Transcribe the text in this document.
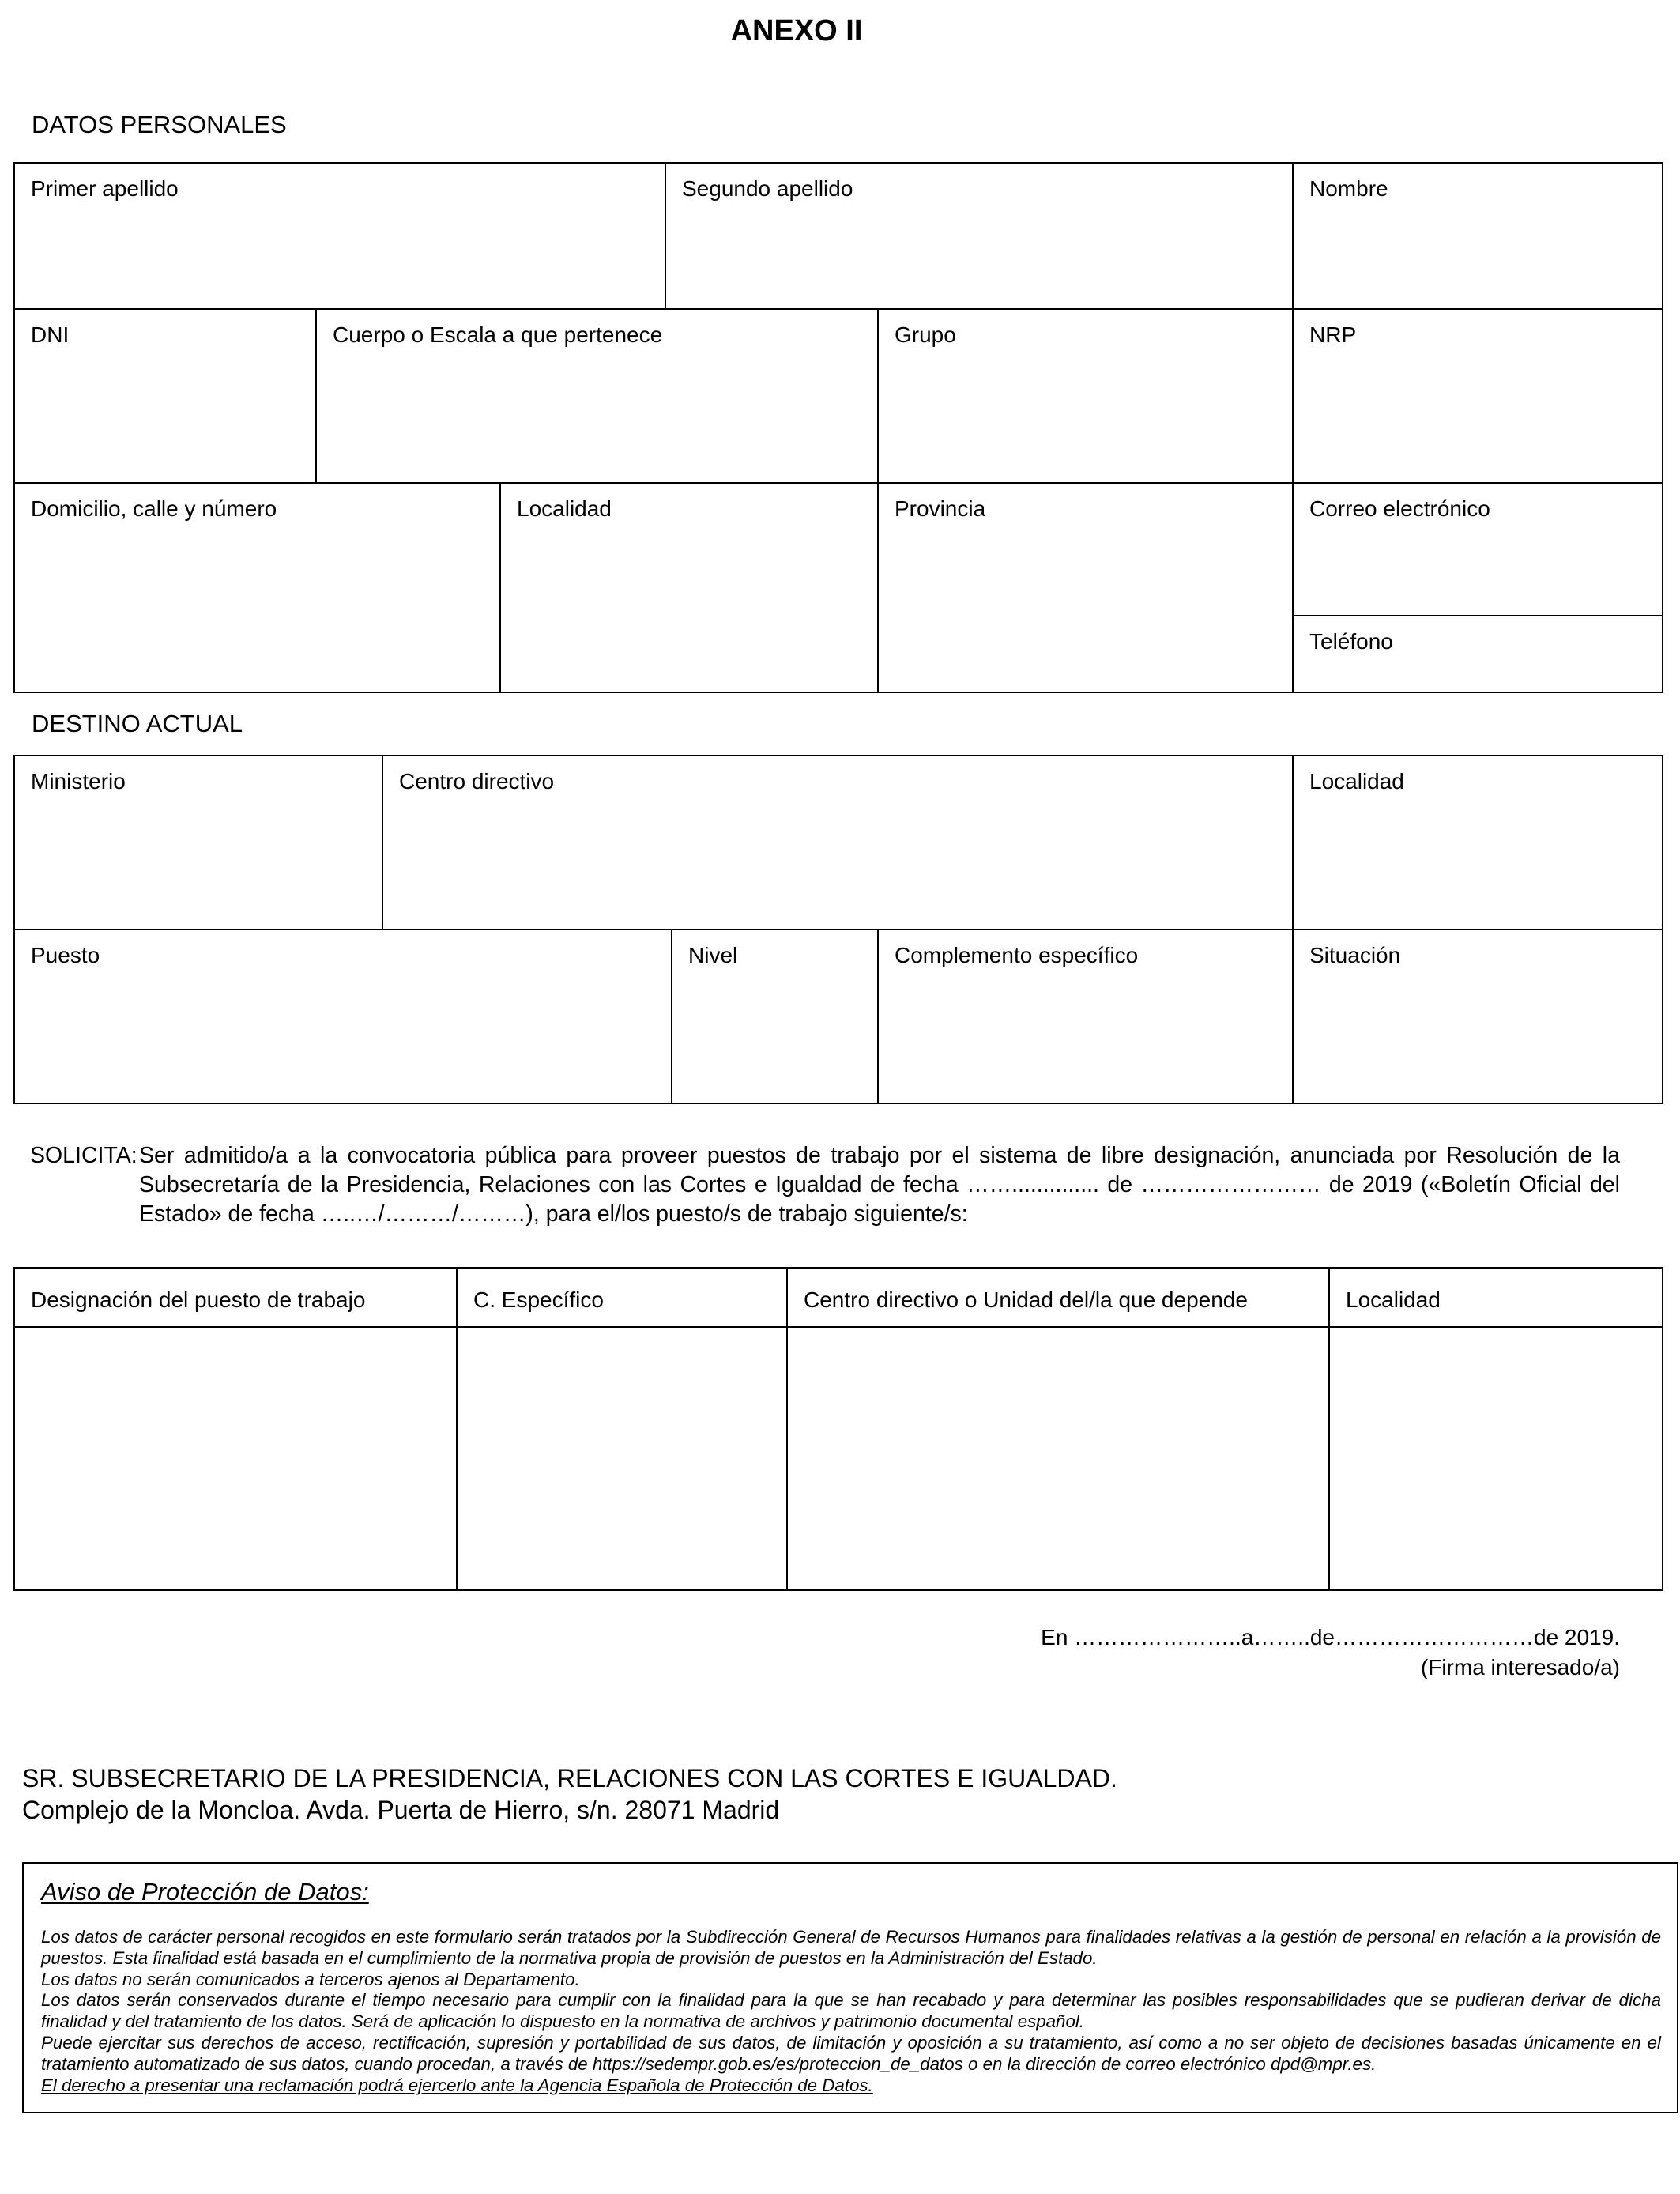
ANEXO II
DATOS PERSONALES
Primer apellido	Segundo apellido	Nombre
DNI	Cuerpo o Escala a que pertenece	Grupo	NRP
Domicilio, calle y número	Localidad	Provincia	Correo electrónico
Teléfono
DESTINO ACTUAL
Ministerio	Centro directivo	Localidad
Puesto	Nivel	Complemento específico	Situación
SOLICITA: Ser admitido/a a la convocatoria pública para proveer puestos de trabajo por el sistema de libre designación, anunciada por Resolución de la Subsecretaría de la Presidencia, Relaciones con las Cortes e Igualdad de fecha …….............. de …………………… de 2019 («Boletín Oficial del Estado» de fecha …..…/………/………), para el/los puesto/s de trabajo siguiente/s:
Designación del puesto de trabajo	C. Específico	Centro directivo o Unidad del/la que depende	Localidad
En …………………..a……..de………………………de 2019.
(Firma interesado/a)
SR. SUBSECRETARIO DE LA PRESIDENCIA, RELACIONES CON LAS CORTES E IGUALDAD.
Complejo de la Moncloa. Avda. Puerta de Hierro, s/n. 28071 Madrid
Aviso de Protección de Datos:

Los datos de carácter personal recogidos en este formulario serán tratados por la Subdirección General de Recursos Humanos para finalidades relativas a la gestión de personal en relación a la provisión de puestos. Esta finalidad está basada en el cumplimiento de la normativa propia de provisión de puestos en la Administración del Estado.

Los datos no serán comunicados a terceros ajenos al Departamento.

Los datos serán conservados durante el tiempo necesario para cumplir con la finalidad para la que se han recabado y para determinar las posibles responsabilidades que se pudieran derivar de dicha finalidad y del tratamiento de los datos. Será de aplicación lo dispuesto en la normativa de archivos y patrimonio documental español.

Puede ejercitar sus derechos de acceso, rectificación, supresión y portabilidad de sus datos, de limitación y oposición a su tratamiento, así como a no ser objeto de decisiones basadas únicamente en el tratamiento automatizado de sus datos, cuando procedan, a través de https://sedempr.gob.es/es/proteccion_de_datos o en la dirección de correo electrónico dpd@mpr.es.

El derecho a presentar una reclamación podrá ejercerlo ante la Agencia Española de Protección de Datos.
